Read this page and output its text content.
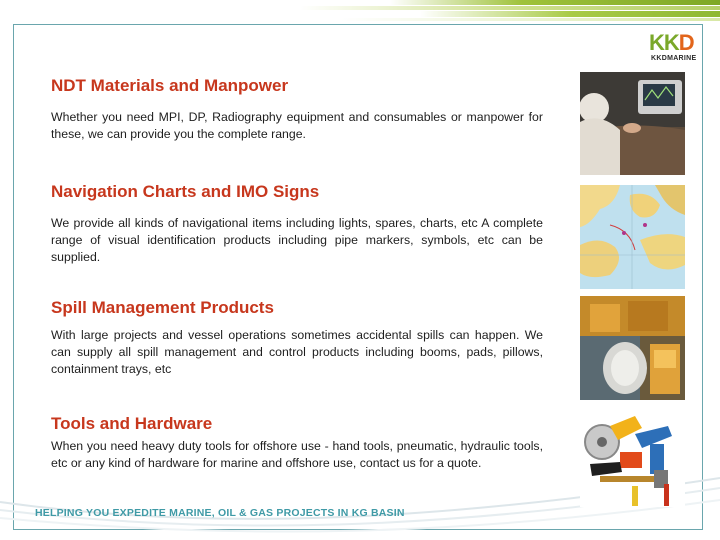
KKD
KKDMARINE
NDT Materials and Manpower

Whether you need MPI, DP, Radiography equipment and consumables or manpower for these, we can provide you the complete range.

Navigation Charts and IMO Signs

We provide all kinds of navigational items including lights, spares, charts, etc A complete range of visual identification products including pipe markers, symbols, etc can be supplied.

Spill Management Products

With large projects and vessel operations sometimes accidental spills can happen. We can supply all spill management and control products including booms, pads, pillows, containment trays, etc

Tools and Hardware

When you need heavy duty tools for offshore use - hand tools, pneumatic, hydraulic tools, etc or any kind of hardware for marine and offshore use, contact us for a quote.

HELPING YOU EXPEDITE MARINE, OIL & GAS PROJECTS IN KG BASIN
